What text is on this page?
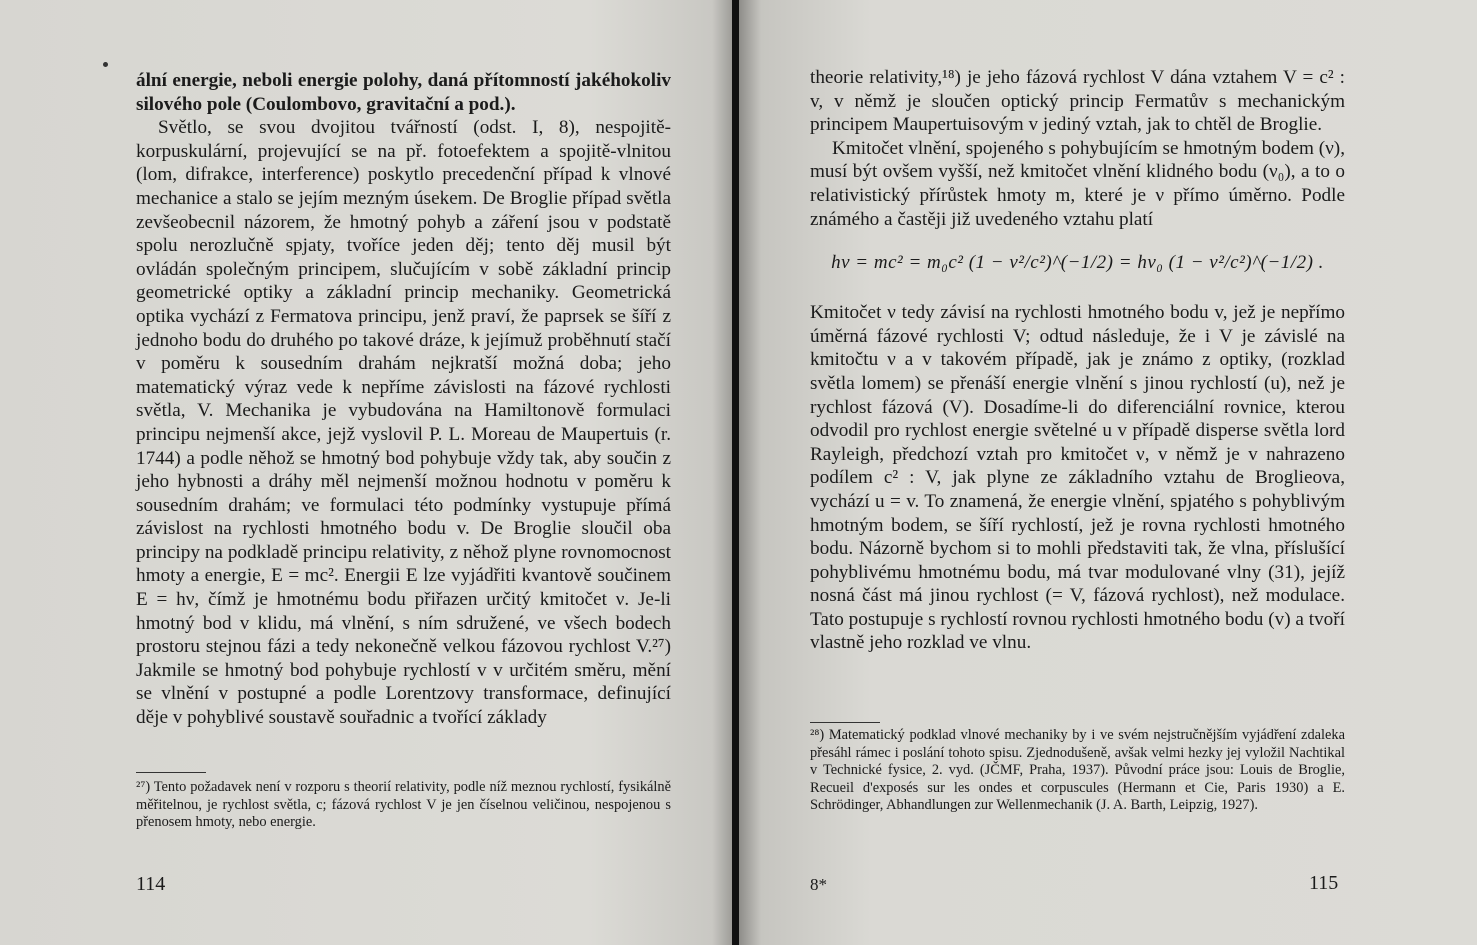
ální energie, neboli energie polohy, daná přítomností jakéhokoliv silového pole (Coulombovo, gravitační a pod.).

Světlo, se svou dvojitou tvářností (odst. I, 8), nespojitě-korpuskulární, projevující se na př. fotoefektem a spojitě-vlnitou (lom, difrakce, interference) poskytlo precedenční případ k vlnové mechanice a stalo se jejím mezným úsekem. De Broglie případ světla zevšeobecnil názorem, že hmotný pohyb a záření jsou v podstatě spolu nerozlučně spjaty, tvoříce jeden děj; tento děj musil být ovládán společným principem, slučujícím v sobě základní princip geometrické optiky a základní princip mechaniky. Geometrická optika vychází z Fermatova principu, jenž praví, že paprsek se šíří z jednoho bodu do druhého po takové dráze, k jejímuž proběhnutí stačí v poměru k sousedním drahám nejkratší možná doba; jeho matematický výraz vede k nepříme závislosti na fázové rychlosti světla, V. Mechanika je vybudována na Hamiltonově formulaci principu nejmenší akce, jejž vyslovil P. L. Moreau de Maupertuis (r. 1744) a podle něhož se hmotný bod pohybuje vždy tak, aby součin z jeho hybnosti a dráhy měl nejmenší možnou hodnotu v poměru k sousedním drahám; ve formulaci této podmínky vystupuje přímá závislost na rychlosti hmotného bodu v. De Broglie sloučil oba principy na podkladě principu relativity, z něhož plyne rovnomocnost hmoty a energie, E = mc². Energii E lze vyjádřiti kvantově součinem E = hν, čímž je hmotnému bodu přiřazen určitý kmitočet ν. Je-li hmotný bod v klidu, má vlnění, s ním sdružené, ve všech bodech prostoru stejnou fázi a tedy nekonečně velkou fázovou rychlost V.²⁷) Jakmile se hmotný bod pohybuje rychlostí v v určitém směru, mění se vlnění v postupné a podle Lorentzovy transformace, definující děje v pohyblivé soustavě souřadnic a tvořící základy

²⁷) Tento požadavek není v rozporu s theorií relativity, podle níž meznou rychlostí, fysikálně měřitelnou, je rychlost světla, c; fázová rychlost V je jen číselnou veličinou, nespojenou s přenosem hmoty, nebo energie.
114

theorie relativity,¹⁸) je jeho fázová rychlost V dána vztahem V = c² : v, v němž je sloučen optický princip Fermatův s mechanickým principem Maupertuisovým v jediný vztah, jak to chtěl de Broglie.

Kmitočet vlnění, spojeného s pohybujícím se hmotným bodem (ν), musí být ovšem vyšší, než kmitočet vlnění klidného bodu (ν₀), a to o relativistický přírůstek hmoty m, které je ν přímo úměrno. Podle známého a častěji již uvedeného vztahu platí

hν = mc² = m₀c² (1 − v²/c²)^(−1/2) = hν₀ (1 − v²/c²)^(−1/2) .

Kmitočet ν tedy závisí na rychlosti hmotného bodu v, jež je nepřímo úměrná fázové rychlosti V; odtud následuje, že i V je závislé na kmitočtu ν a v takovém případě, jak je známo z optiky, (rozklad světla lomem) se přenáší energie vlnění s jinou rychlostí (u), než je rychlost fázová (V). Dosadíme-li do diferenciální rovnice, kterou odvodil pro rychlost energie světelné u v případě disperse světla lord Rayleigh, předchozí vztah pro kmitočet ν, v němž je v nahrazeno podílem c² : V, jak plyne ze základního vztahu de Broglieova, vychází u = v. To znamená, že energie vlnění, spjatého s pohyblivým hmotným bodem, se šíří rychlostí, jež je rovna rychlosti hmotného bodu. Názorně bychom si to mohli představiti tak, že vlna, příslušící pohyblivému hmotnému bodu, má tvar modulované vlny (31), jejíž nosná část má jinou rychlost (= V, fázová rychlost), než modulace. Tato postupuje s rychlostí rovnou rychlosti hmotného bodu (v) a tvoří vlastně jeho rozklad ve vlnu.

²⁸) Matematický podklad vlnové mechaniky by i ve svém nejstručnějším vyjádření zdaleka přesáhl rámec i poslání tohoto spisu. Zjednodušeně, avšak velmi hezky jej vyložil Nachtikal v Technické fysice, 2. vyd. (JČMF, Praha, 1937). Původní práce jsou: Louis de Broglie, Recueil d'exposés sur les ondes et corpuscules (Hermann et Cie, Paris 1930) a E. Schrödinger, Abhandlungen zur Wellenmechanik (J. A. Barth, Leipzig, 1927).
8*	115
